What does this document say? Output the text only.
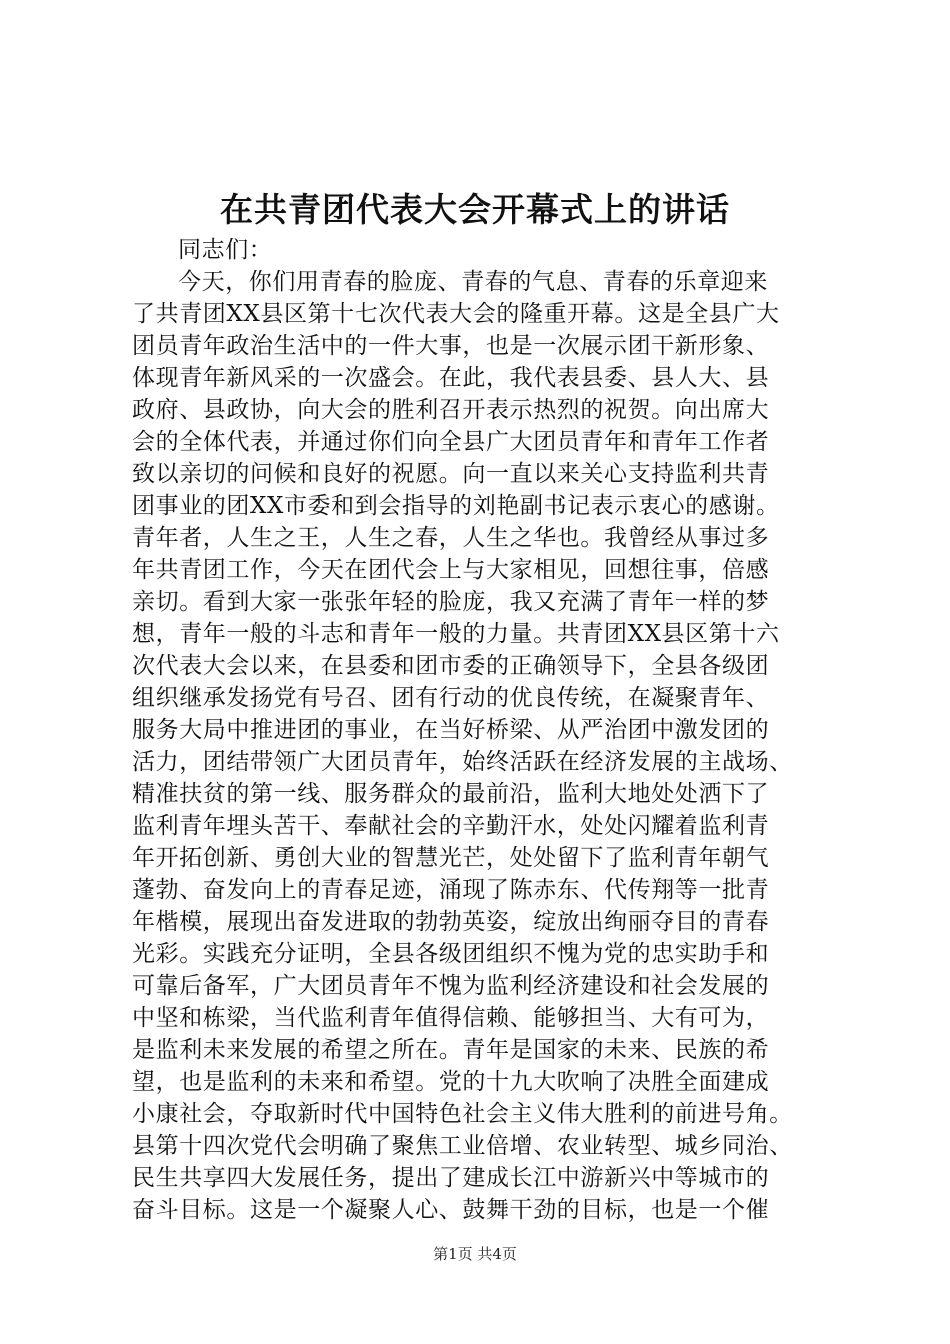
在共青团代表大会开幕式上的讲话
同志们：
今天，你们用青春的脸庞、青春的气息、青春的乐章迎来
了共青团XX县区第十七次代表大会的隆重开幕。这是全县广大
团员青年政治生活中的一件大事，也是一次展示团干新形象、
体现青年新风采的一次盛会。在此，我代表县委、县人大、县
政府、县政协，向大会的胜利召开表示热烈的祝贺。向出席大
会的全体代表，并通过你们向全县广大团员青年和青年工作者
致以亲切的问候和良好的祝愿。向一直以来关心支持监利共青
团事业的团XX市委和到会指导的刘艳副书记表示衷心的感谢。
青年者，人生之王，人生之春，人生之华也。我曾经从事过多
年共青团工作，今天在团代会上与大家相见，回想往事，倍感
亲切。看到大家一张张年轻的脸庞，我又充满了青年一样的梦
想，青年一般的斗志和青年一般的力量。共青团XX县区第十六
次代表大会以来，在县委和团市委的正确领导下，全县各级团
组织继承发扬党有号召、团有行动的优良传统，在凝聚青年、
服务大局中推进团的事业，在当好桥梁、从严治团中激发团的
活力，团结带领广大团员青年，始终活跃在经济发展的主战场、
精准扶贫的第一线、服务群众的最前沿，监利大地处处洒下了
监利青年埋头苦干、奉献社会的辛勤汗水，处处闪耀着监利青
年开拓创新、勇创大业的智慧光芒，处处留下了监利青年朝气
蓬勃、奋发向上的青春足迹，涌现了陈赤东、代传翔等一批青
年楷模，展现出奋发进取的勃勃英姿，绽放出绚丽夺目的青春
光彩。实践充分证明，全县各级团组织不愧为党的忠实助手和
可靠后备军，广大团员青年不愧为监利经济建设和社会发展的
中坚和栋梁，当代监利青年值得信赖、能够担当、大有可为，
是监利未来发展的希望之所在。青年是国家的未来、民族的希
望，也是监利的未来和希望。党的十九大吹响了决胜全面建成
小康社会，夺取新时代中国特色社会主义伟大胜利的前进号角。
县第十四次党代会明确了聚焦工业倍增、农业转型、城乡同治、
民生共享四大发展任务，提出了建成长江中游新兴中等城市的
奋斗目标。这是一个凝聚人心、鼓舞干劲的目标，也是一个催
第1页 共4页
